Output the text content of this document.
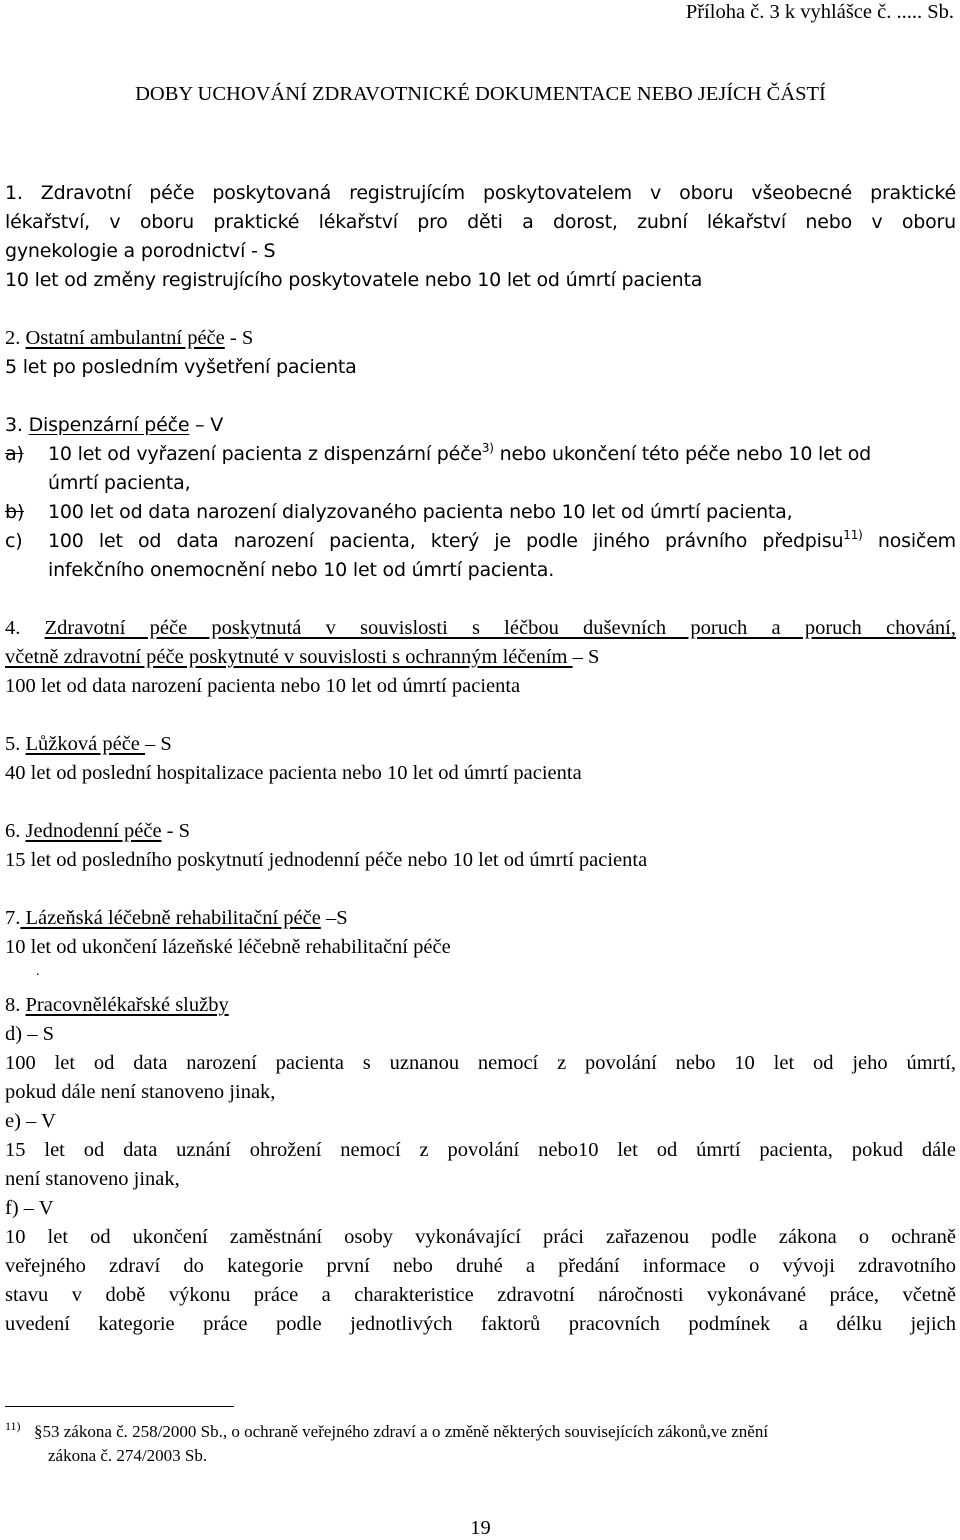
Příloha č. 3 k vyhlášce č. ..... Sb.
DOBY UCHOVÁNÍ ZDRAVOTNICKÉ DOKUMENTACE NEBO JEJÍCH ČÁSTÍ
1. Zdravotní péče poskytovaná registrujícím poskytovatelem v oboru všeobecné praktické
lékařství, v oboru praktické lékařství pro děti a dorost, zubní lékařství nebo v oboru
gynekologie a porodnictví - S
10 let od změny registrujícího poskytovatele nebo 10 let od úmrtí pacienta
2. Ostatní ambulantní péče - S
5 let po posledním vyšetření pacienta
3. Dispenzární péče – V
a) 10 let od vyřazení pacienta z dispenzární péče$^{3)}$ nebo ukončení této péče nebo 10 let od
úmrtí pacienta,
b) 100 let od data narození dialyzovaného pacienta nebo 10 let od úmrtí pacienta,
c) 100 let od data narození pacienta, který je podle jiného právního předpisu$^{11)}$ nosičem
infekčního onemocnění nebo 10 let od úmrtí pacienta.
4. Zdravotní péče poskytnutá v souvislosti s léčbou duševních poruch a poruch chování,
včetně zdravotní péče poskytnuté v souvislosti s ochranným léčením – S
100 let od data narození pacienta nebo 10 let od úmrtí pacienta
5. Lůžková péče – S
40 let od poslední hospitalizace pacienta nebo 10 let od úmrtí pacienta
6. Jednodenní péče - S
15 let od posledního poskytnutí jednodenní péče nebo 10 let od úmrtí pacienta
7. Lázeňská léčebně rehabilitační péče –S
10 let od ukončení lázeňské léčebně rehabilitační péče
.
8. Pracovnělékařské služby
d) – S
100 let od data narození pacienta s uznanou nemocí z povolání nebo 10 let od jeho úmrtí,
pokud dále není stanoveno jinak,
e) – V
15 let od data uznání ohrožení nemocí z povolání nebo10 let od úmrtí pacienta, pokud dále
není stanoveno jinak,
f) – V
10 let od ukončení zaměstnání osoby vykonávající práci zařazenou podle zákona o ochraně
veřejného zdraví do kategorie první nebo druhé a předání informace o vývoji zdravotního
stavu v době výkonu práce a charakteristice zdravotní náročnosti vykonávané práce, včetně
uvedení kategorie práce podle jednotlivých faktorů pracovních podmínek a délku jejich
11) §53 zákona č. 258/2000 Sb., o ochraně veřejného zdraví a o změně některých souvisejících zákonů,ve znění
zákona č. 274/2003 Sb.
19
